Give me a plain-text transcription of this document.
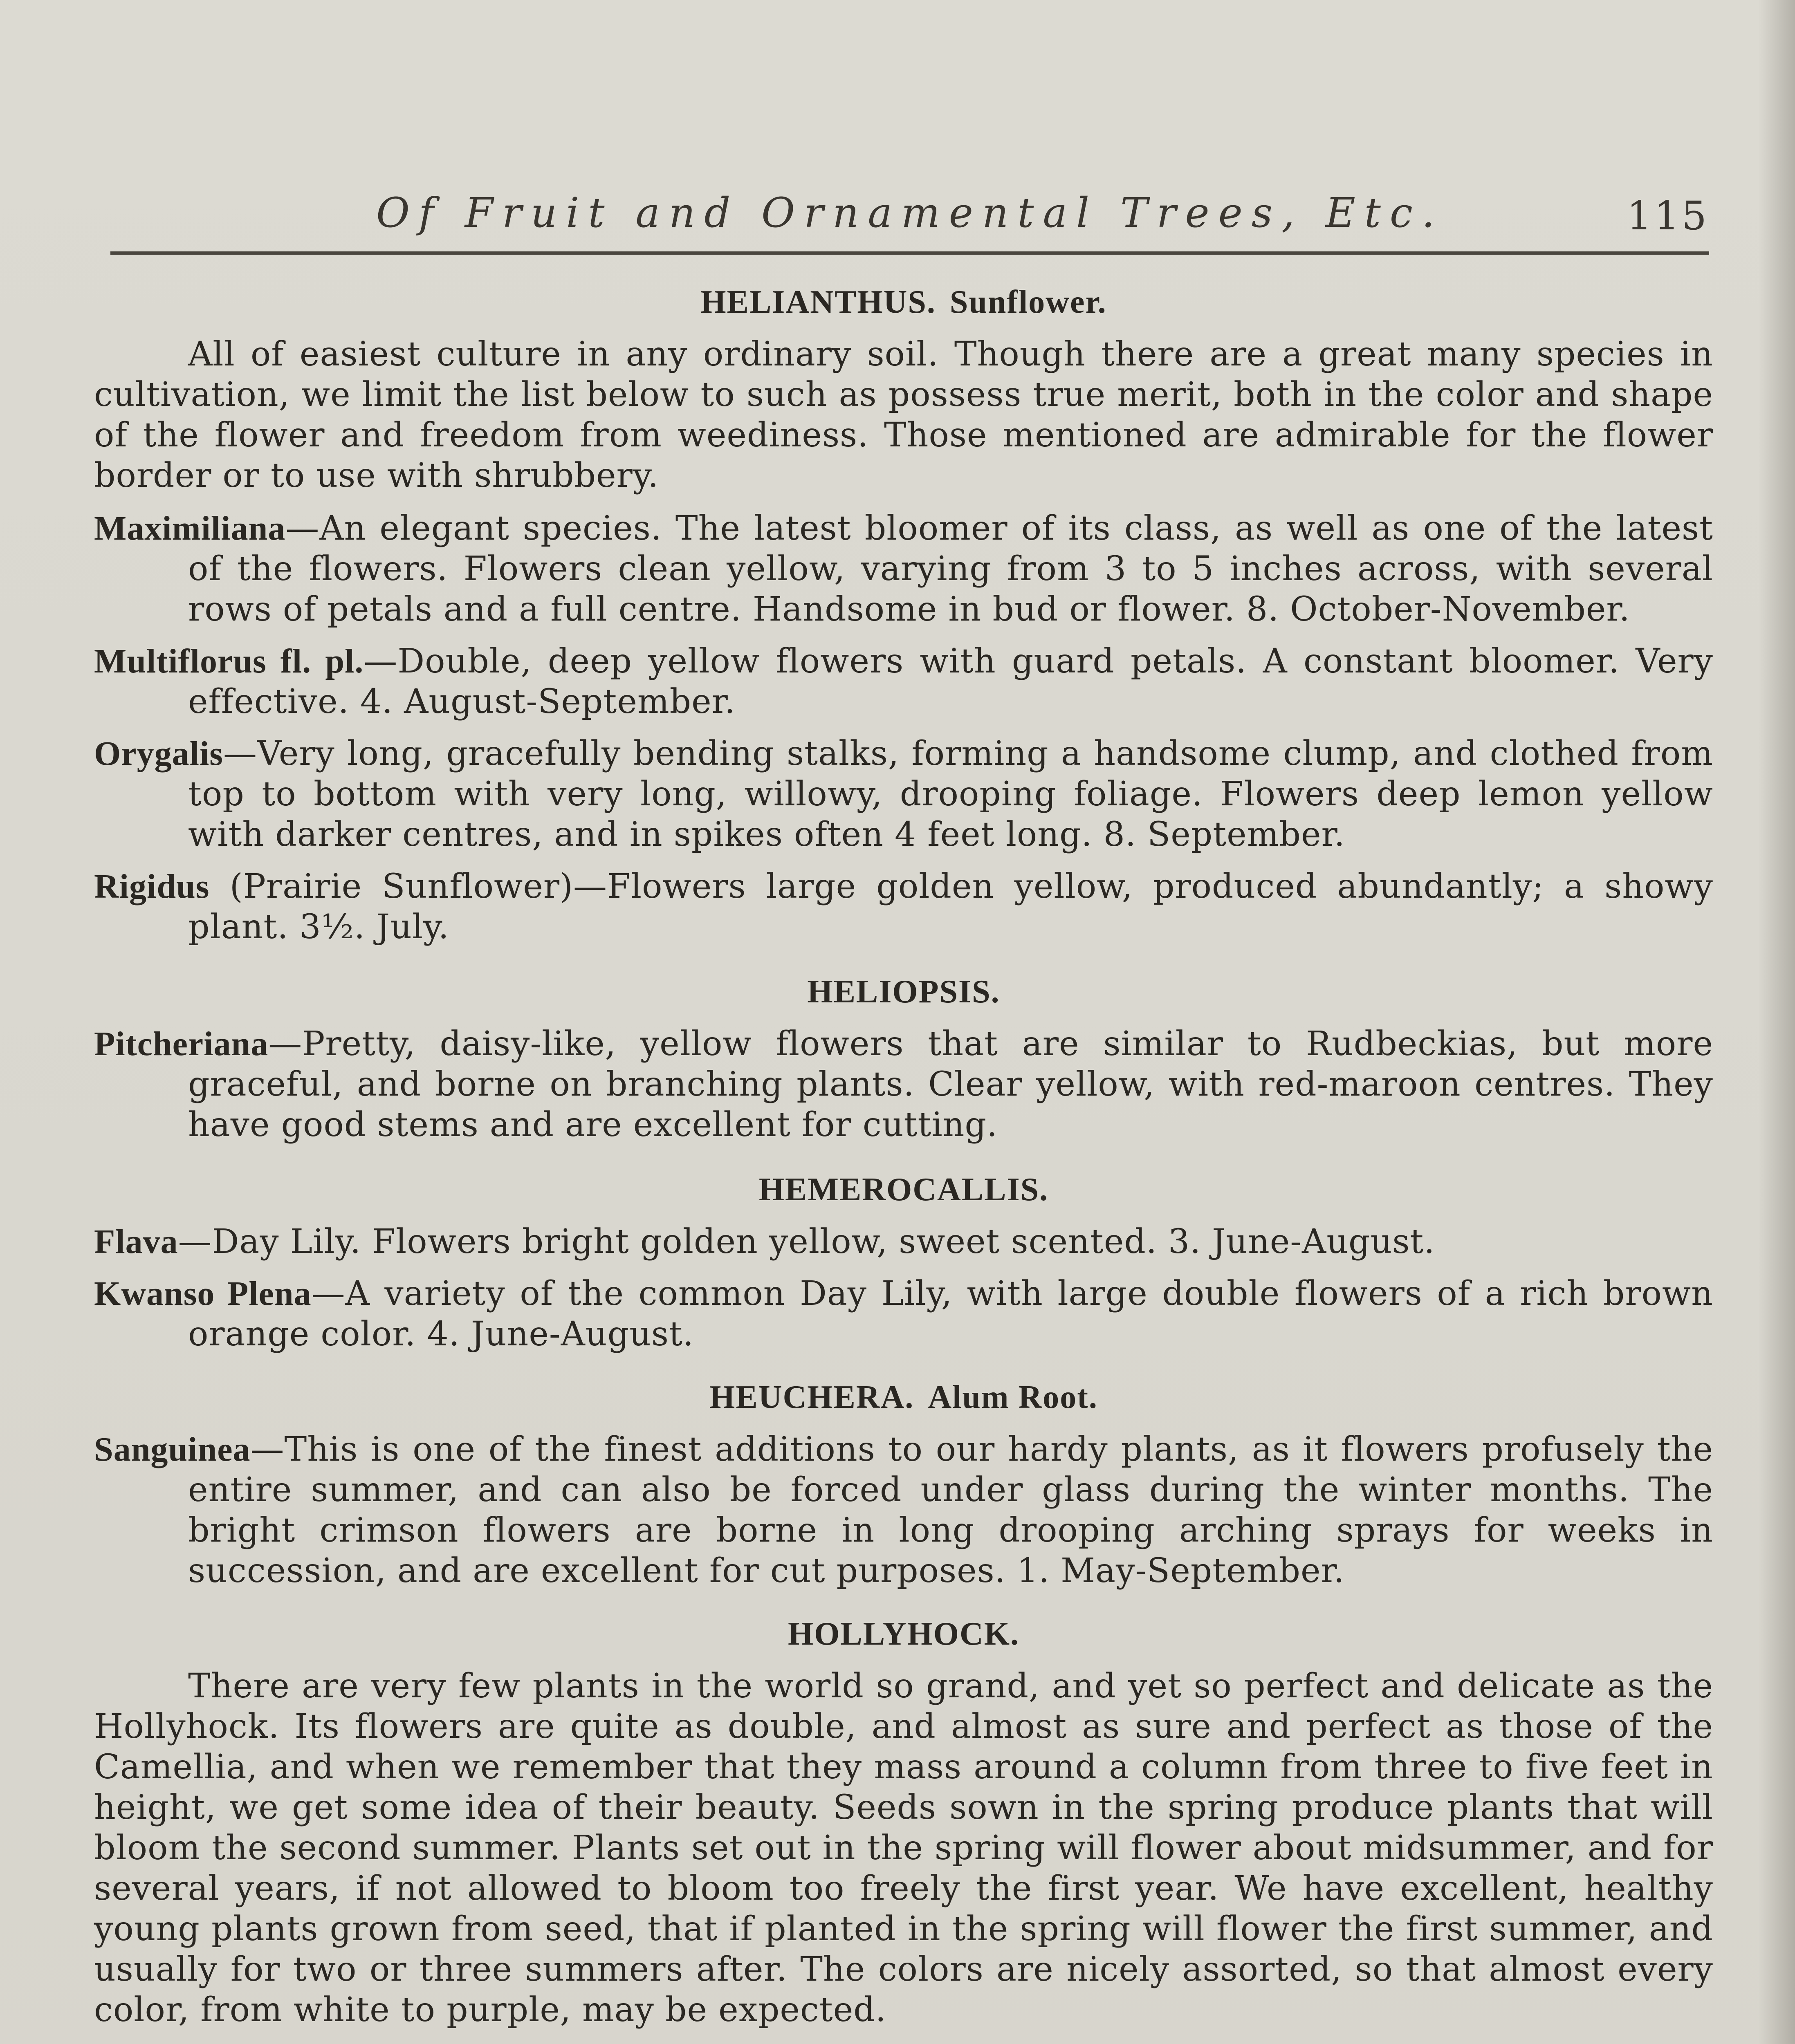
Of Fruit and Ornamental Trees, Etc.	115
HELIANTHUS. Sunflower.

All of easiest culture in any ordinary soil. Though there are a great many species in cultivation, we limit the list below to such as possess true merit, both in the color and shape of the flower and freedom from weediness. Those mentioned are admirable for the flower border or to use with shrubbery.

Maximiliana—An elegant species. The latest bloomer of its class, as well as one of the latest of the flowers. Flowers clean yellow, varying from 3 to 5 inches across, with several rows of petals and a full centre. Handsome in bud or flower. 8. October-November.

Multiflorus fl. pl.—Double, deep yellow flowers with guard petals. A constant bloomer. Very effective. 4. August-September.

Orygalis—Very long, gracefully bending stalks, forming a handsome clump, and clothed from top to bottom with very long, willowy, drooping foliage. Flowers deep lemon yellow with darker centres, and in spikes often 4 feet long. 8. September.

Rigidus (Prairie Sunflower)—Flowers large golden yellow, produced abundantly; a showy plant. 3½. July.

HELIOPSIS.

Pitcheriana—Pretty, daisy-like, yellow flowers that are similar to Rudbeckias, but more graceful, and borne on branching plants. Clear yellow, with red-maroon centres. They have good stems and are excellent for cutting.

HEMEROCALLIS.

Flava—Day Lily. Flowers bright golden yellow, sweet scented. 3. June-August.

Kwanso Plena—A variety of the common Day Lily, with large double flowers of a rich brown orange color. 4. June-August.

HEUCHERA. Alum Root.

Sanguinea—This is one of the finest additions to our hardy plants, as it flowers profusely the entire summer, and can also be forced under glass during the winter months. The bright crimson flowers are borne in long drooping arching sprays for weeks in succession, and are excellent for cut purposes. 1. May-September.

HOLLYHOCK.

There are very few plants in the world so grand, and yet so perfect and delicate as the Hollyhock. Its flowers are quite as double, and almost as sure and perfect as those of the Camellia, and when we remember that they mass around a column from three to five feet in height, we get some idea of their beauty. Seeds sown in the spring produce plants that will bloom the second summer. Plants set out in the spring will flower about midsummer, and for several years, if not allowed to bloom too freely the first year. We have excellent, healthy young plants grown from seed, that if planted in the spring will flower the first summer, and usually for two or three summers after. The colors are nicely assorted, so that almost every color, from white to purple, may be expected.
